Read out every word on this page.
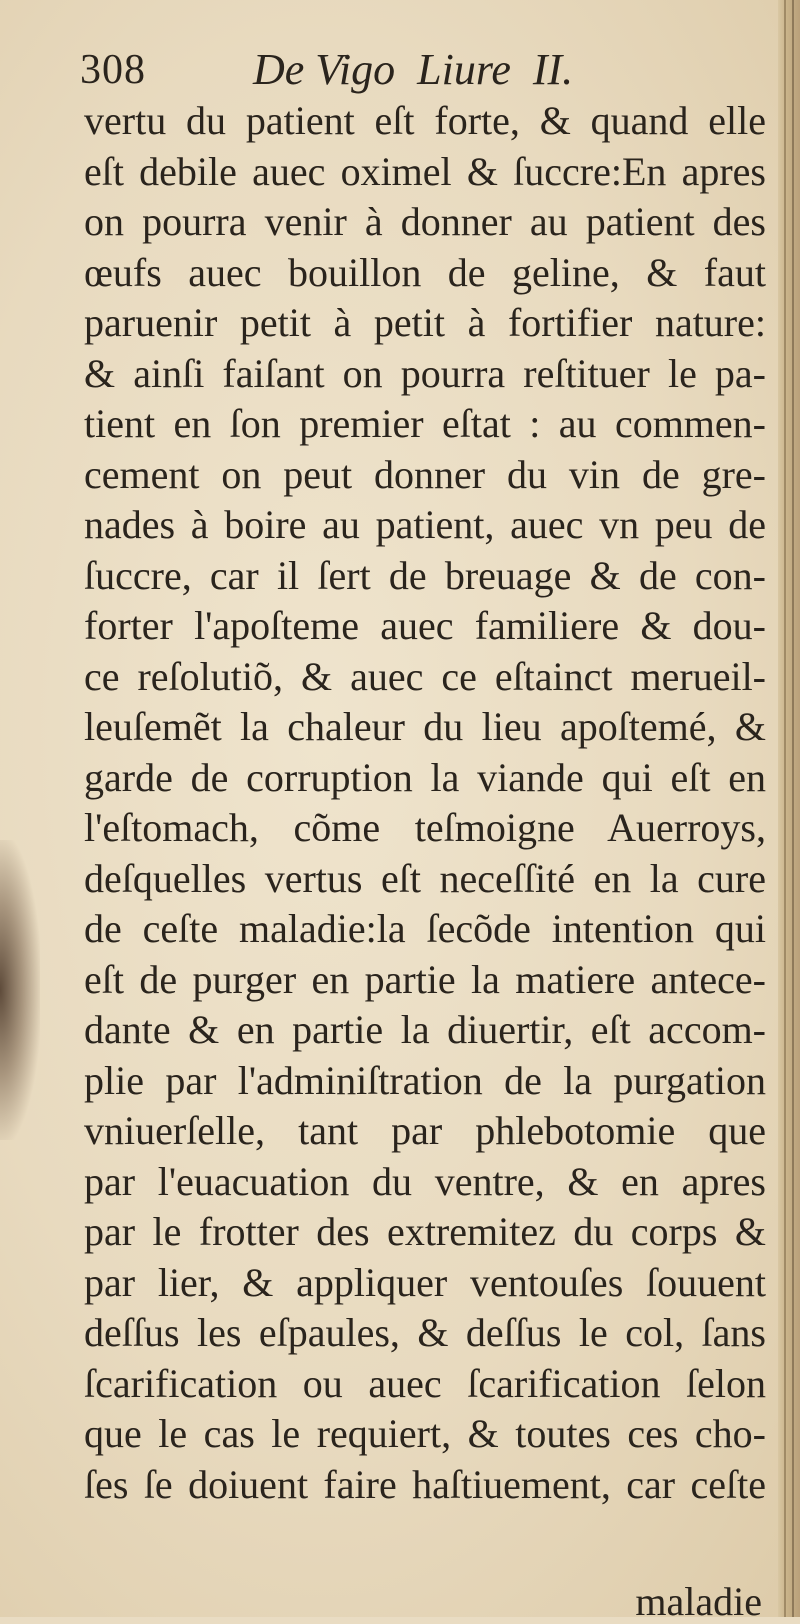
308 De Vigo  Liure  II.
vertu du patient eſt forte, & quand elle
eſt debile auec oximel & ſuccre:En apres
on pourra venir à donner au patient des
œufs auec bouillon de geline, & faut
paruenir petit à petit à fortifier nature:
& ainſi faiſant on pourra reſtituer le pa-
tient en ſon premier eſtat : au commen-
cement on peut donner du vin de gre-
nades à boire au patient, auec vn peu de
ſuccre, car il ſert de breuage & de con-
forter l'apoſteme auec familiere & dou-
ce reſolutiõ, & auec ce eſtainct merueil-
leuſemẽt la chaleur du lieu apoſtemé, &
garde de corruption la viande qui eſt en
l'eſtomach, cõme teſmoigne Auerroys,
deſquelles vertus eſt neceſſité en la cure
de ceſte maladie:la ſecõde intention qui
eſt de purger en partie la matiere antece-
dante & en partie la diuertir, eſt accom-
plie par l'adminiſtration de la purgation
vniuerſelle, tant par phlebotomie que
par l'euacuation du ventre, & en apres
par le frotter des extremitez du corps &
par lier, & appliquer ventouſes ſouuent
deſſus les eſpaules, & deſſus le col, ſans
ſcarification ou auec ſcarification ſelon
que le cas le requiert, & toutes ces cho-
ſes ſe doiuent faire haſtiuement, car ceſte
maladie
